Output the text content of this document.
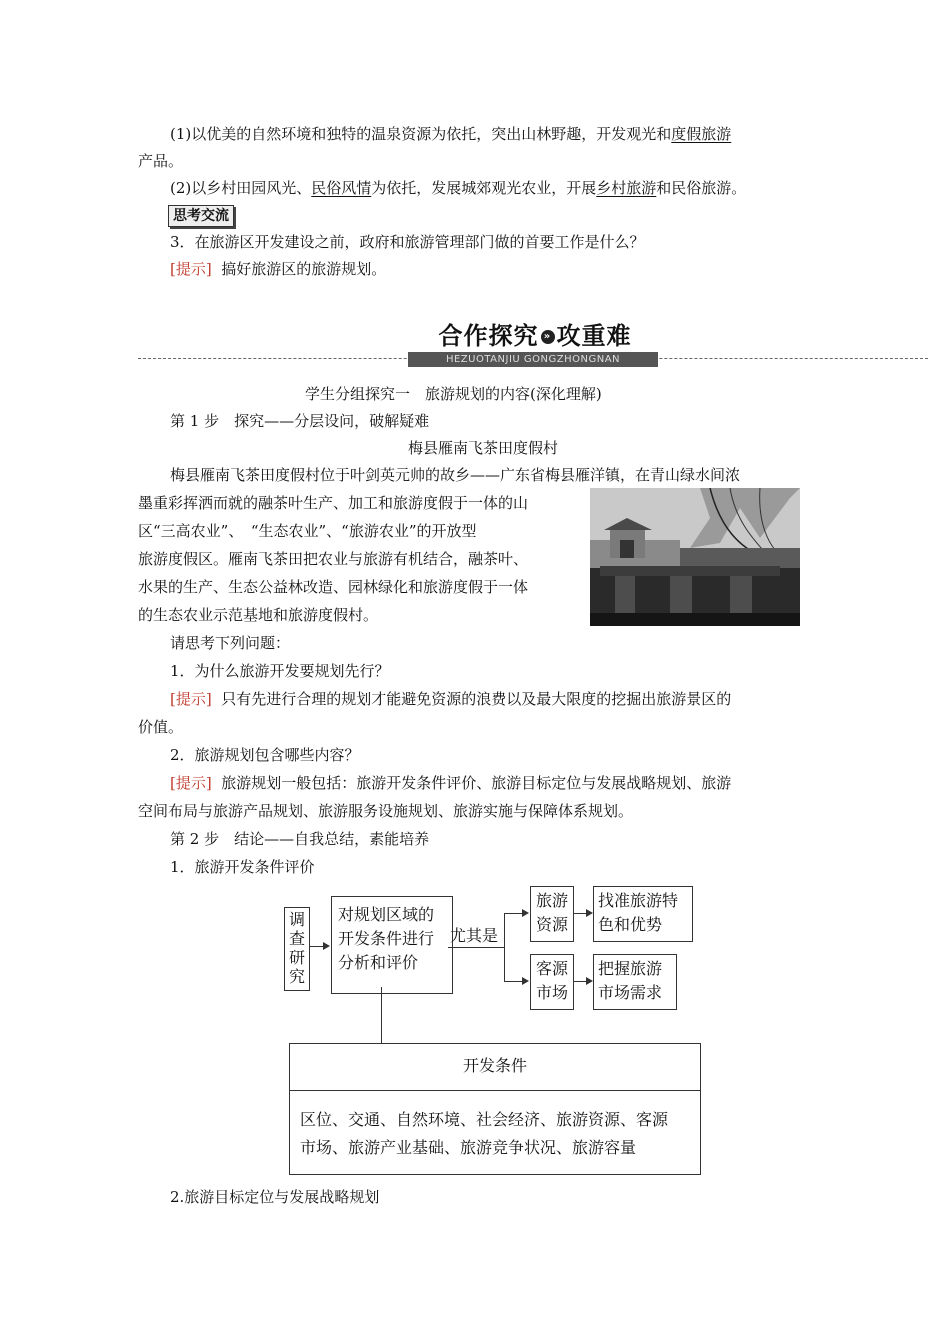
(1)以优美的自然环境和独特的温泉资源为依托，突出山林野趣，开发观光和度假旅游
产品。
(2)以乡村田园风光、民俗风情为依托，发展城郊观光农业，开展乡村旅游和民俗旅游。
思考交流
3．在旅游区开发建设之前，政府和旅游管理部门做的首要工作是什么？
[提示] 搞好旅游区的旅游规划。
合作探究 » 攻重难
HEZUOTANJIU GONGZHONGNAN
学生分组探究一　旅游规划的内容(深化理解)
第 1 步　探究——分层设问，破解疑难
梅县雁南飞茶田度假村
梅县雁南飞茶田度假村位于叶剑英元帅的故乡——广东省梅县雁洋镇，在青山绿水间浓
墨重彩挥洒而就的融茶叶生产、加工和旅游度假于一体的山
区“三高农业”、　“生态农业”、“旅游农业”的开放型
旅游度假区。雁南飞茶田把农业与旅游有机结合，融茶叶、
水果的生产、生态公益林改造、园林绿化和旅游度假于一体
的生态农业示范基地和旅游度假村。
请思考下列问题：
1．为什么旅游开发要规划先行？
[提示] 只有先进行合理的规划才能避免资源的浪费以及最大限度的挖掘出旅游景区的
价值。
2．旅游规划包含哪些内容？
[提示] 旅游规划一般包括：旅游开发条件评价、旅游目标定位与发展战略规划、旅游
空间布局与旅游产品规划、旅游服务设施规划、旅游实施与保障体系规划。
第 2 步　结论——自我总结，素能培养
1．旅游开发条件评价
调查研究
对规划区域的
开发条件进行
分析和评价
尤其是
旅游
资源
找准旅游特
色和优势
客源
市场
把握旅游
市场需求
开发条件
区位、交通、自然环境、社会经济、旅游资源、客源
市场、旅游产业基础、旅游竞争状况、旅游容量
2.旅游目标定位与发展战略规划
